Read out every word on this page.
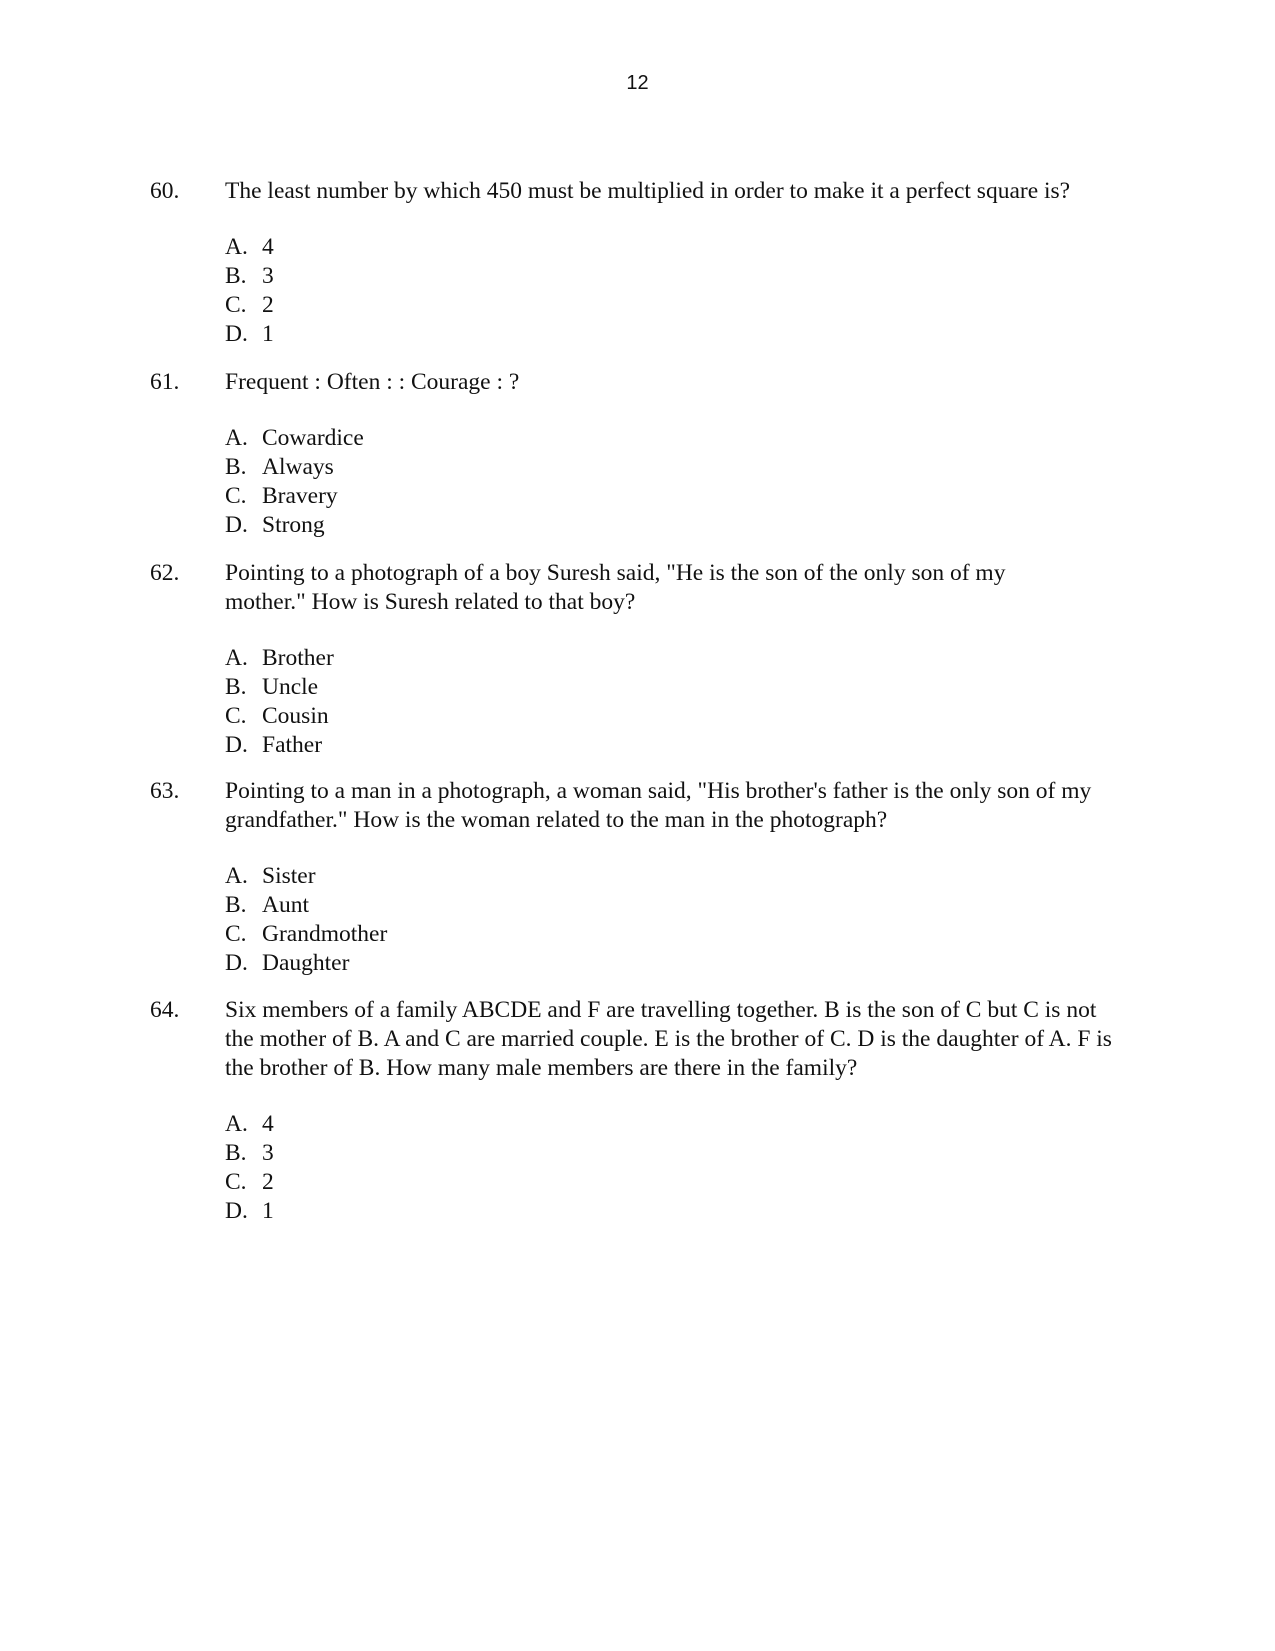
12
60.	The least number by which 450 must be multiplied in order to make it a perfect square is?
A. 4
B. 3
C. 2
D. 1
61.	Frequent : Often : : Courage : ?
A. Cowardice
B. Always
C. Bravery
D. Strong
62.	Pointing to a photograph of a boy Suresh said, "He is the son of the only son of my mother." How is Suresh related to that boy?
A. Brother
B. Uncle
C. Cousin
D. Father
63.	Pointing to a man in a photograph, a woman said, "His brother's father is the only son of my grandfather." How is the woman related to the man in the photograph?
A. Sister
B. Aunt
C. Grandmother
D. Daughter
64.	Six members of a family ABCDE and F are travelling together. B is the son of C but C is not the mother of B. A and C are married couple. E is the brother of C. D is the daughter of A. F is the brother of B. How many male members are there in the family?
A. 4
B. 3
C. 2
D. 1
